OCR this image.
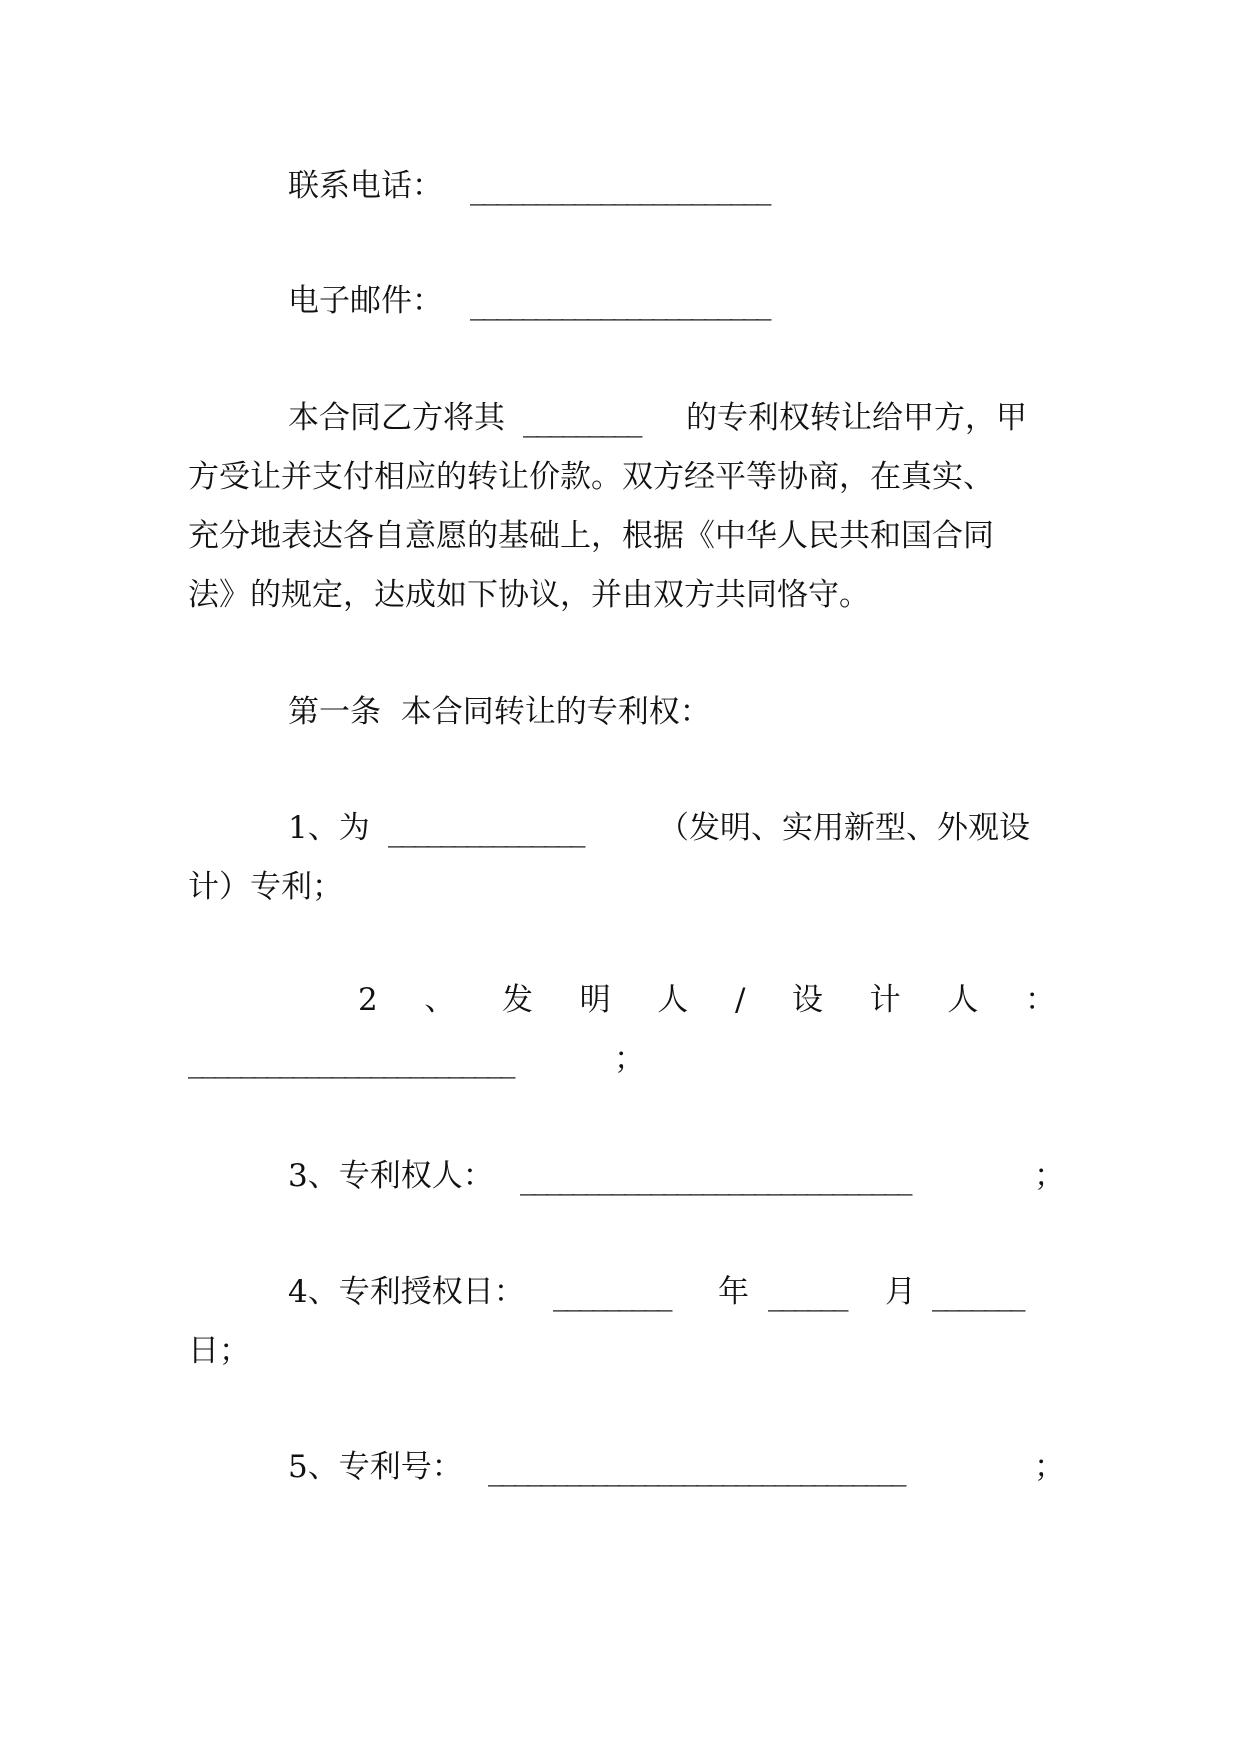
联系电话： _______________________
电子邮件： _______________________
本合同乙方将其 _________ 的专利权转让给甲方，甲
方受让并支付相应的转让价款。双方经平等协商，在真实、
充分地表达各自意愿的基础上，根据《中华人民共和国合同
法》的规定，达成如下协议，并由双方共同恪守。
第一条  本合同转让的专利权：
1、为 _______________ （发明、实用新型、外观设
计）专利；
2 、 发 明 人 / 设 计 人 ：
_________________________	；
3、专利权人： ______________________________	；
4、专利授权日： _________ 年 ______ 月 _______
日；
5、专利号： ________________________________	；
